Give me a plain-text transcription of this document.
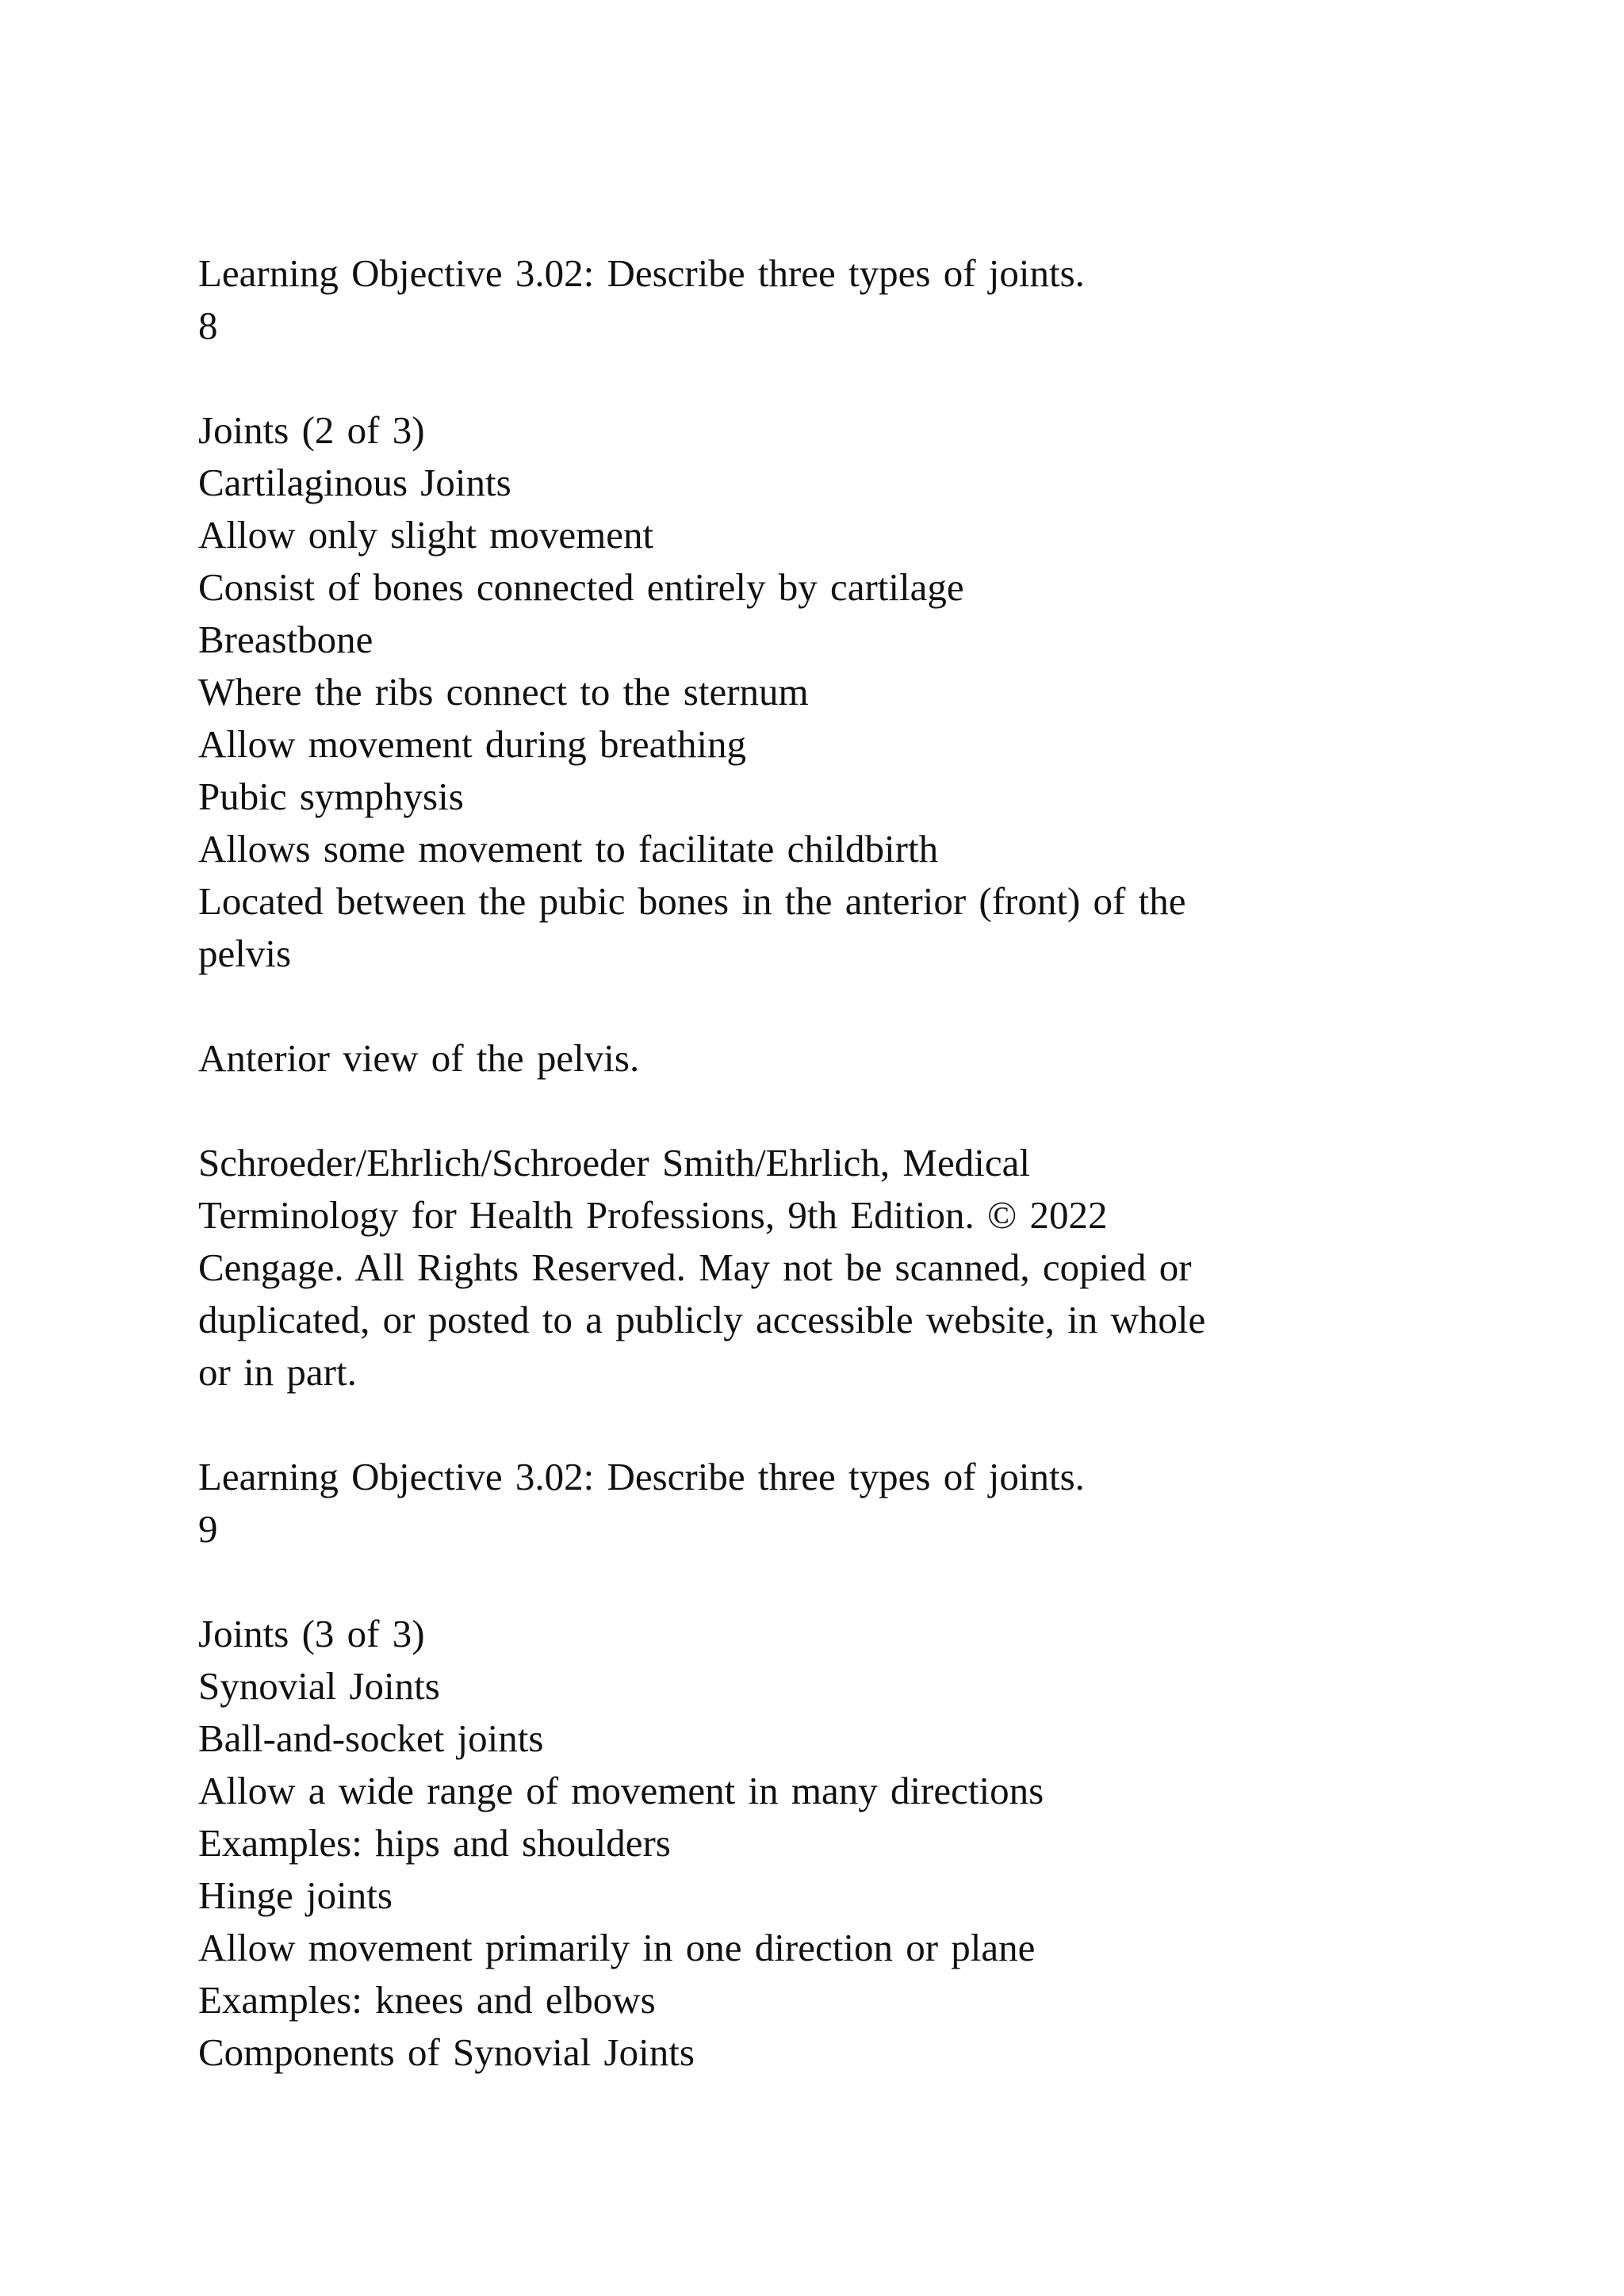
Learning Objective 3.02: Describe three types of joints.
8
Joints (2 of 3)
Cartilaginous Joints
Allow only slight movement
Consist of bones connected entirely by cartilage
Breastbone
Where the ribs connect to the sternum
Allow movement during breathing
Pubic symphysis
Allows some movement to facilitate childbirth
Located between the pubic bones in the anterior (front) of the
pelvis
Anterior view of the pelvis.
Schroeder/Ehrlich/Schroeder Smith/Ehrlich, Medical
Terminology for Health Professions, 9th Edition. © 2022
Cengage. All Rights Reserved. May not be scanned, copied or
duplicated, or posted to a publicly accessible website, in whole
or in part.
Learning Objective 3.02: Describe three types of joints.
9
Joints (3 of 3)
Synovial Joints
Ball-and-socket joints
Allow a wide range of movement in many directions
Examples: hips and shoulders
Hinge joints
Allow movement primarily in one direction or plane
Examples: knees and elbows
Components of Synovial Joints
